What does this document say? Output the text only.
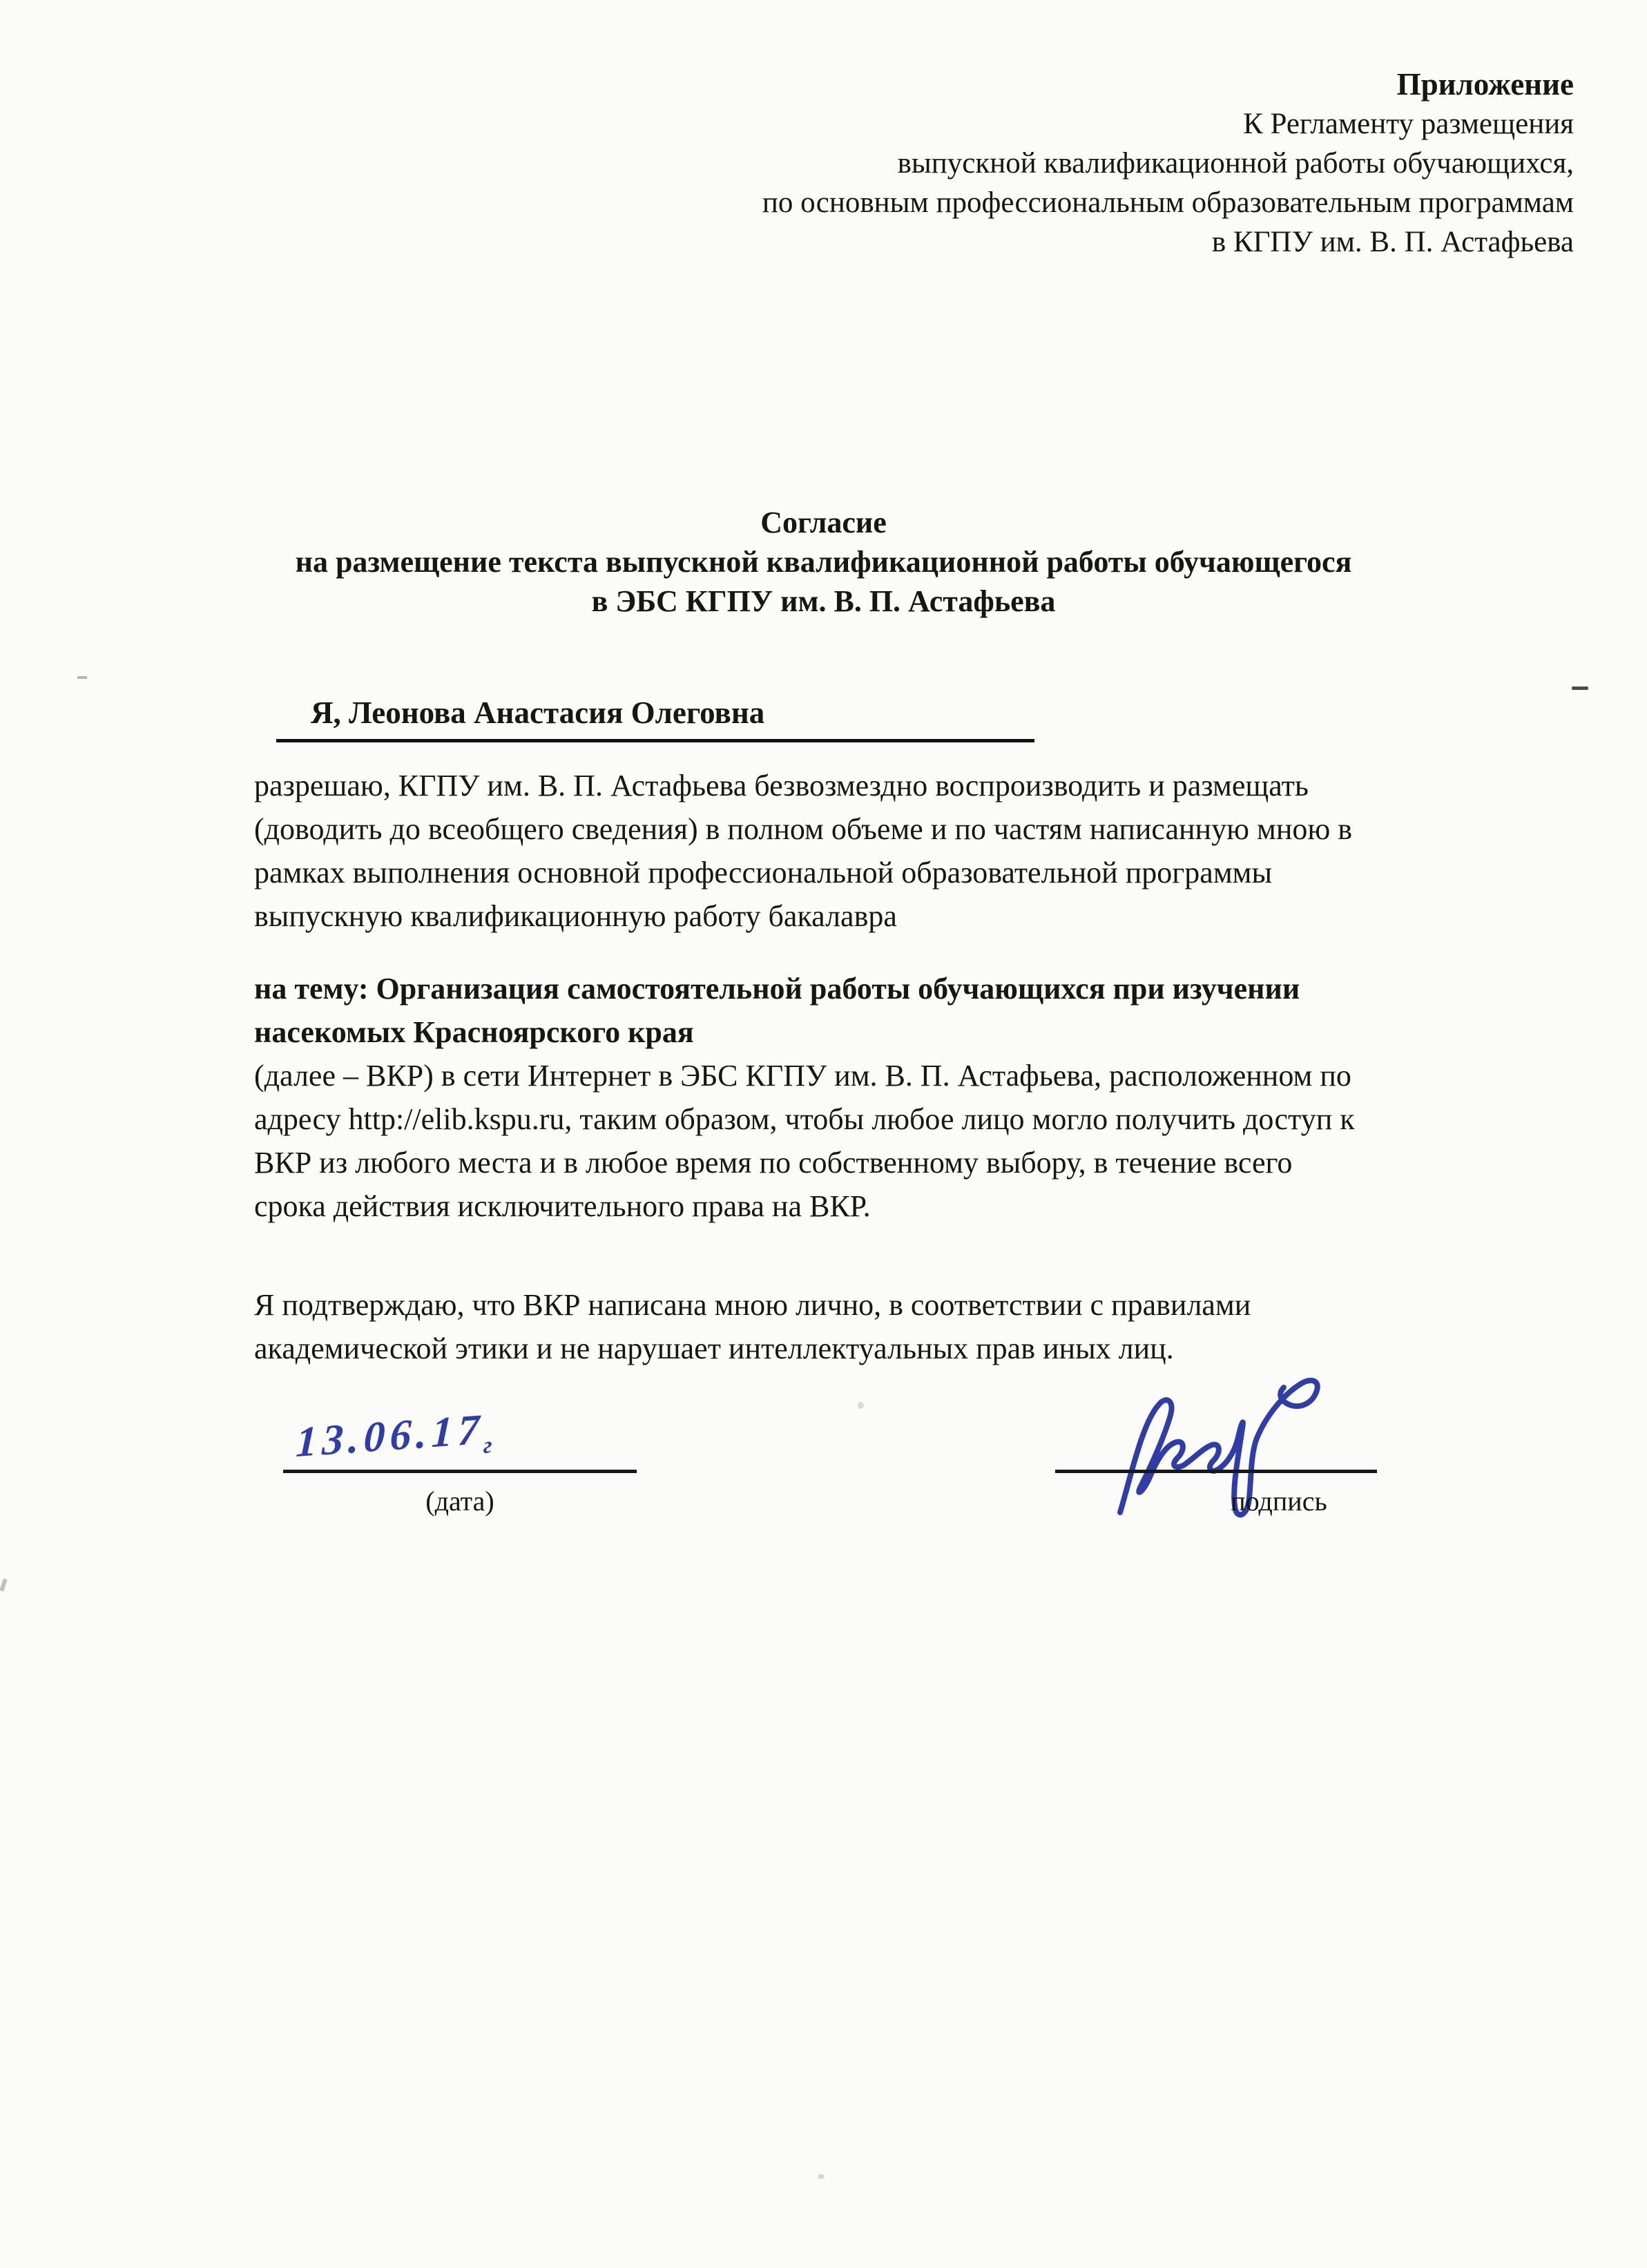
Приложение
К Регламенту размещения
выпускной квалификационной работы обучающихся,
по основным профессиональным образовательным программам
в КГПУ им. В. П. Астафьева
Согласие
на размещение текста выпускной квалификационной работы обучающегося
в ЭБС КГПУ им. В. П. Астафьева
Я, Леонова Анастасия Олеговна
разрешаю, КГПУ им. В. П. Астафьева безвозмездно воспроизводить и размещать
(доводить до всеобщего сведения) в полном объеме и по частям написанную мною в
рамках выполнения основной профессиональной образовательной программы
выпускную квалификационную работу бакалавра
на тему: Организация самостоятельной работы обучающихся при изучении
насекомых Красноярского края
(далее – ВКР) в сети Интернет в ЭБС КГПУ им. В. П. Астафьева, расположенном по
адресу http://elib.kspu.ru, таким образом, чтобы любое лицо могло получить доступ к
ВКР из любого места и в любое время по собственному выбору, в течение всего
срока действия исключительного права на ВКР.
Я подтверждаю, что ВКР написана мною лично, в соответствии с правилами
академической этики и не нарушает интеллектуальных прав иных лиц.
$13.06.17_г$
(дата)	подпись
